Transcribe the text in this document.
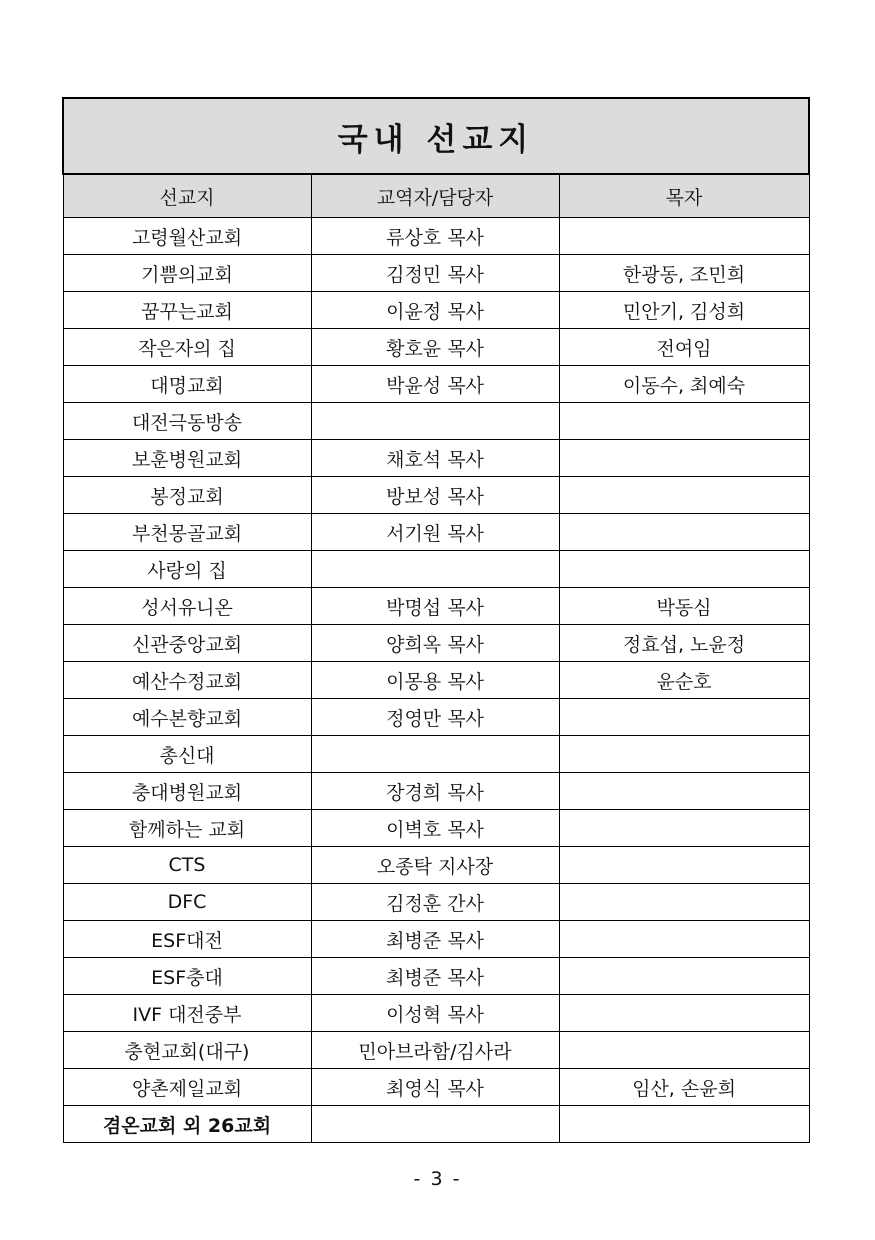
국내 선교지		
선교지	교역자/담당자	목자
고령월산교회	류상호 목사	
기쁨의교회	김정민 목사	한광동, 조민희
꿈꾸는교회	이윤정 목사	민안기, 김성희
작은자의 집	황호윤 목사	전여임
대명교회	박윤성 목사	이동수, 최예숙
대전극동방송		
보훈병원교회	채호석 목사	
봉정교회	방보성 목사	
부천몽골교회	서기원 목사	
사랑의 집		
성서유니온	박명섭 목사	박동심
신관중앙교회	양희옥 목사	정효섭, 노윤정
예산수정교회	이몽용 목사	윤순호
예수본향교회	정영만 목사	
총신대		
충대병원교회	장경희 목사	
함께하는 교회	이벽호 목사	
CTS	오종탁 지사장	
DFC	김정훈 간사	
ESF대전	최병준 목사	
ESF충대	최병준 목사	
IVF 대전중부	이성혁 목사	
충현교회(대구)	민아브라함/김사라	
양촌제일교회	최영식 목사	임산, 손윤희
겸온교회 외 26교회		
- 3 -
